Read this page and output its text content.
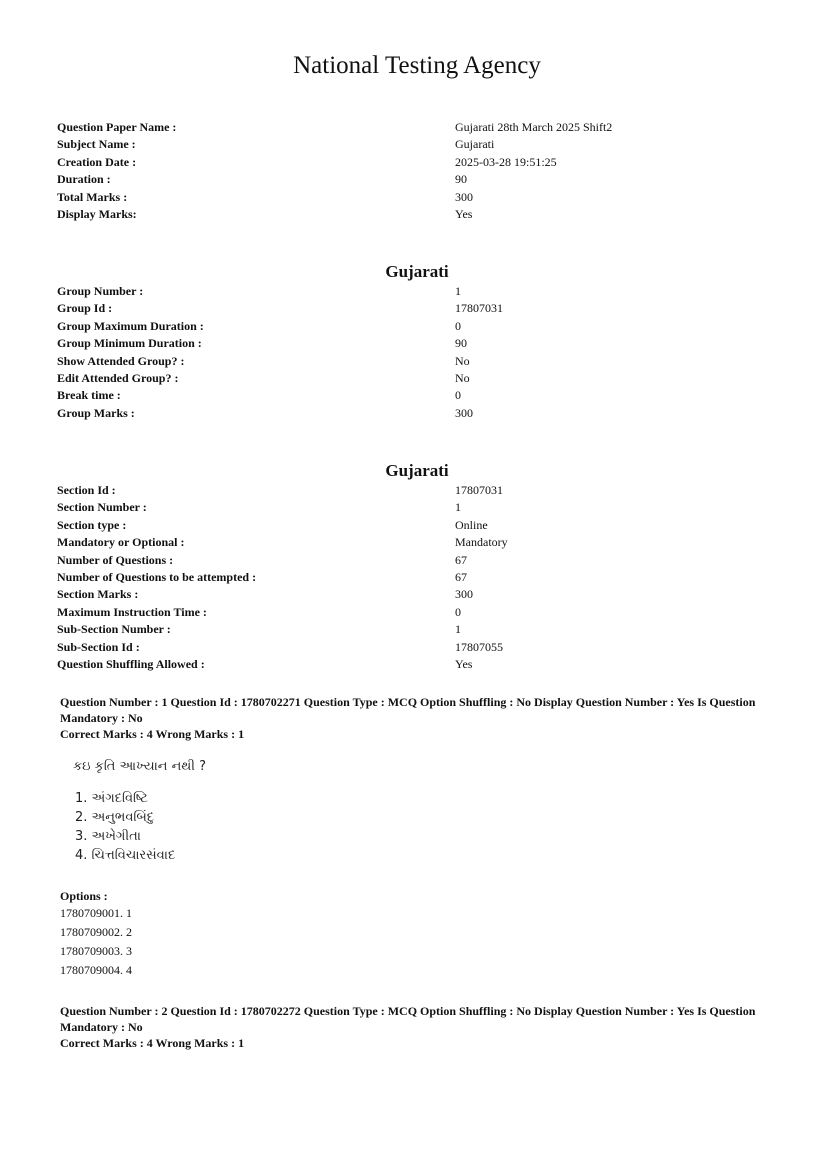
National Testing Agency
Question Paper Name :	Gujarati 28th March 2025 Shift2
Subject Name :	Gujarati
Creation Date :	2025-03-28 19:51:25
Duration :	90
Total Marks :	300
Display Marks:	Yes
Gujarati
Group Number :	1
Group Id :	17807031
Group Maximum Duration :	0
Group Minimum Duration :	90
Show Attended Group? :	No
Edit Attended Group? :	No
Break time :	0
Group Marks :	300
Gujarati
Section Id :	17807031
Section Number :	1
Section type :	Online
Mandatory or Optional :	Mandatory
Number of Questions :	67
Number of Questions to be attempted :	67
Section Marks :	300
Maximum Instruction Time :	0
Sub-Section Number :	1
Sub-Section Id :	17807055
Question Shuffling Allowed :	Yes
Question Number : 1 Question Id : 1780702271 Question Type : MCQ Option Shuffling : No Display Question Number : Yes Is Question Mandatory : No
Correct Marks : 4 Wrong Marks : 1
કઇ કૃતિ આખ્યાન નથી ?
1. અંગદવિષ્ટિ
2. અનુભવબિંદુ
3. અખેગીતા
4. ચિત્તવિચારસંવાદ
Options :
1780709001. 1
1780709002. 2
1780709003. 3
1780709004. 4
Question Number : 2 Question Id : 1780702272 Question Type : MCQ Option Shuffling : No Display Question Number : Yes Is Question Mandatory : No
Correct Marks : 4 Wrong Marks : 1
